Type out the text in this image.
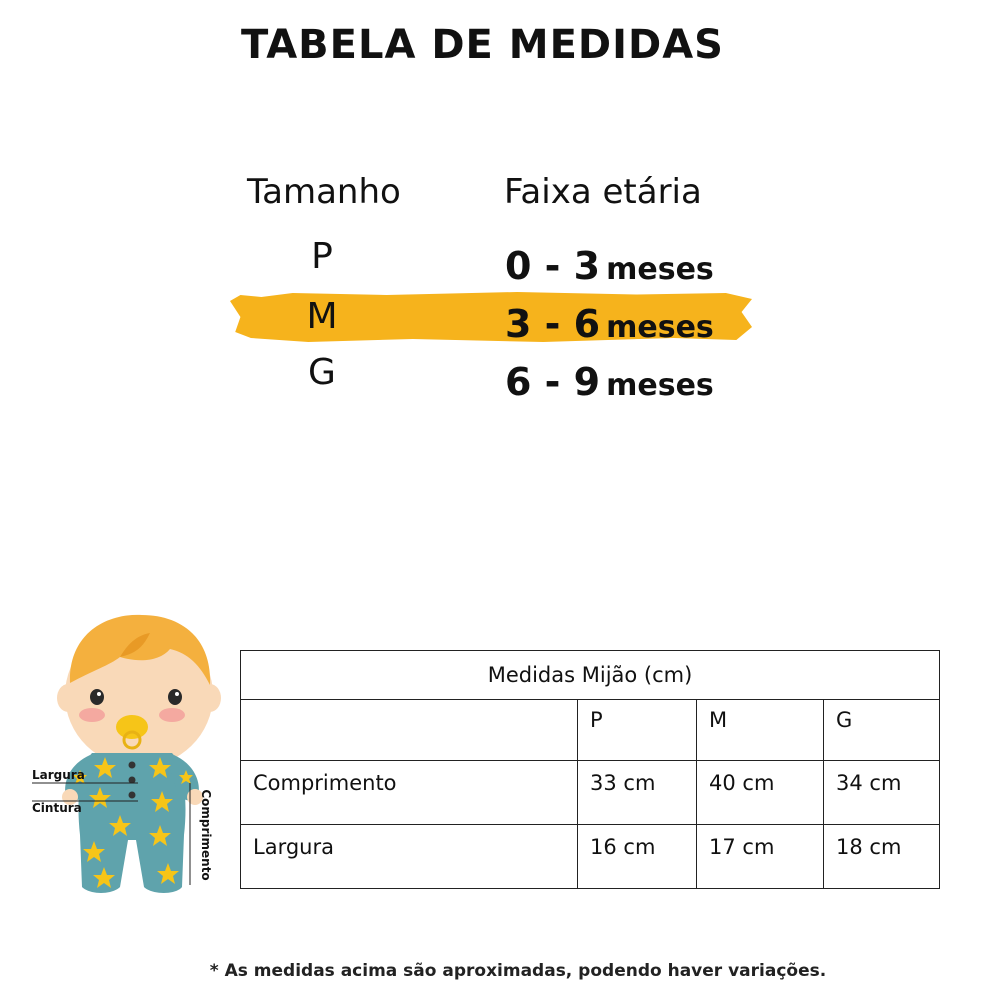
TABELA DE MEDIDAS
Tamanho	Faixa etária
P	0 - 3 meses
M	3 - 6 meses
G	6 - 9 meses
Largura
Cintura	Comprimento
Medidas Mijão (cm)			
	P	M	G
Comprimento	33 cm	40 cm	34 cm
Largura	16 cm	17 cm	18 cm
* As medidas acima são aproximadas, podendo haver variações.
